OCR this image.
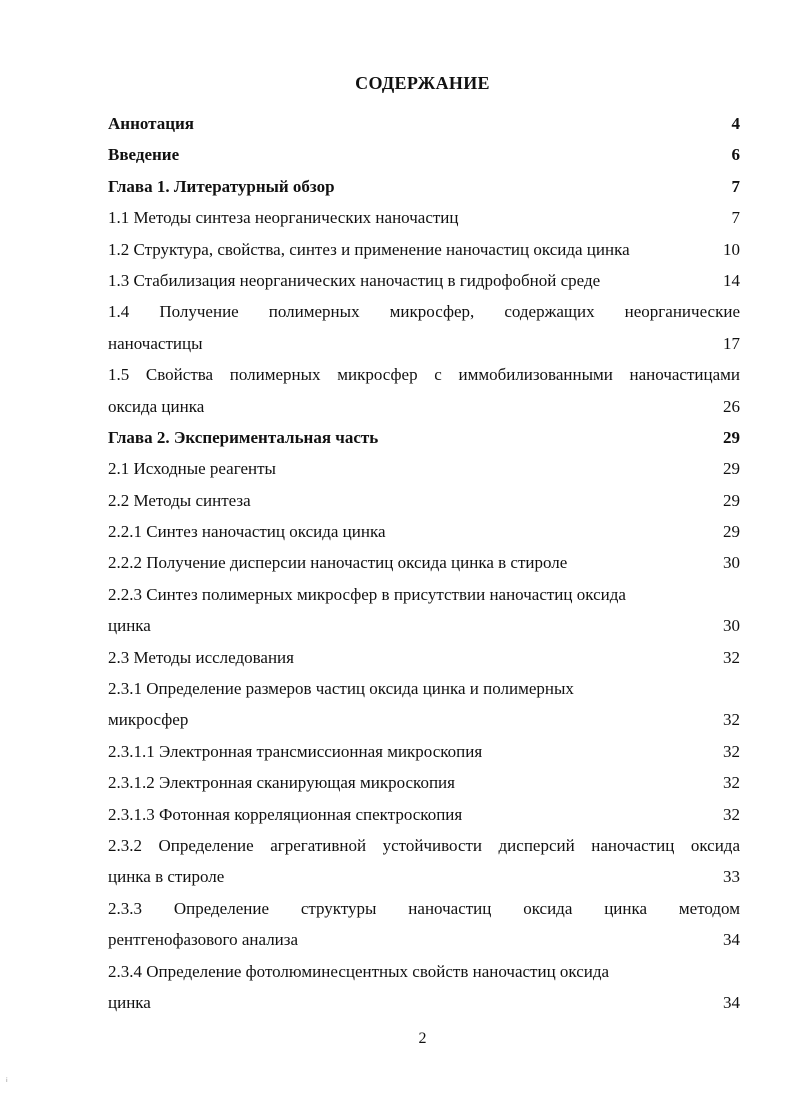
СОДЕРЖАНИЕ
Аннотация	4
Введение	6
Глава 1. Литературный обзор	7
1.1 Методы синтеза неорганических наночастиц	7
1.2 Структура, свойства, синтез и применение наночастиц оксида цинка	10
1.3 Стабилизация неорганических наночастиц в гидрофобной среде	14
1.4 Получение полимерных микросфер, содержащих неорганические
наночастицы	17
1.5 Свойства полимерных микросфер с иммобилизованными наночастицами
оксида цинка	26
Глава 2. Экспериментальная часть	29
2.1 Исходные реагенты	29
2.2 Методы синтеза	29
2.2.1 Синтез наночастиц оксида цинка	29
2.2.2 Получение дисперсии наночастиц оксида цинка в стироле	30
2.2.3 Синтез полимерных микросфер в присутствии наночастиц оксида
цинка	30
2.3 Методы исследования	32
2.3.1 Определение размеров частиц оксида цинка и полимерных
микросфер	32
2.3.1.1 Электронная трансмиссионная микроскопия	32
2.3.1.2 Электронная сканирующая микроскопия	32
2.3.1.3 Фотонная корреляционная спектроскопия	32
2.3.2 Определение агрегативной устойчивости дисперсий наночастиц оксида
цинка в стироле	33
2.3.3 Определение структуры наночастиц оксида цинка методом
рентгенофазового анализа	34
2.3.4 Определение фотолюминесцентных свойств наночастиц оксида
цинка	34
2
⁞
